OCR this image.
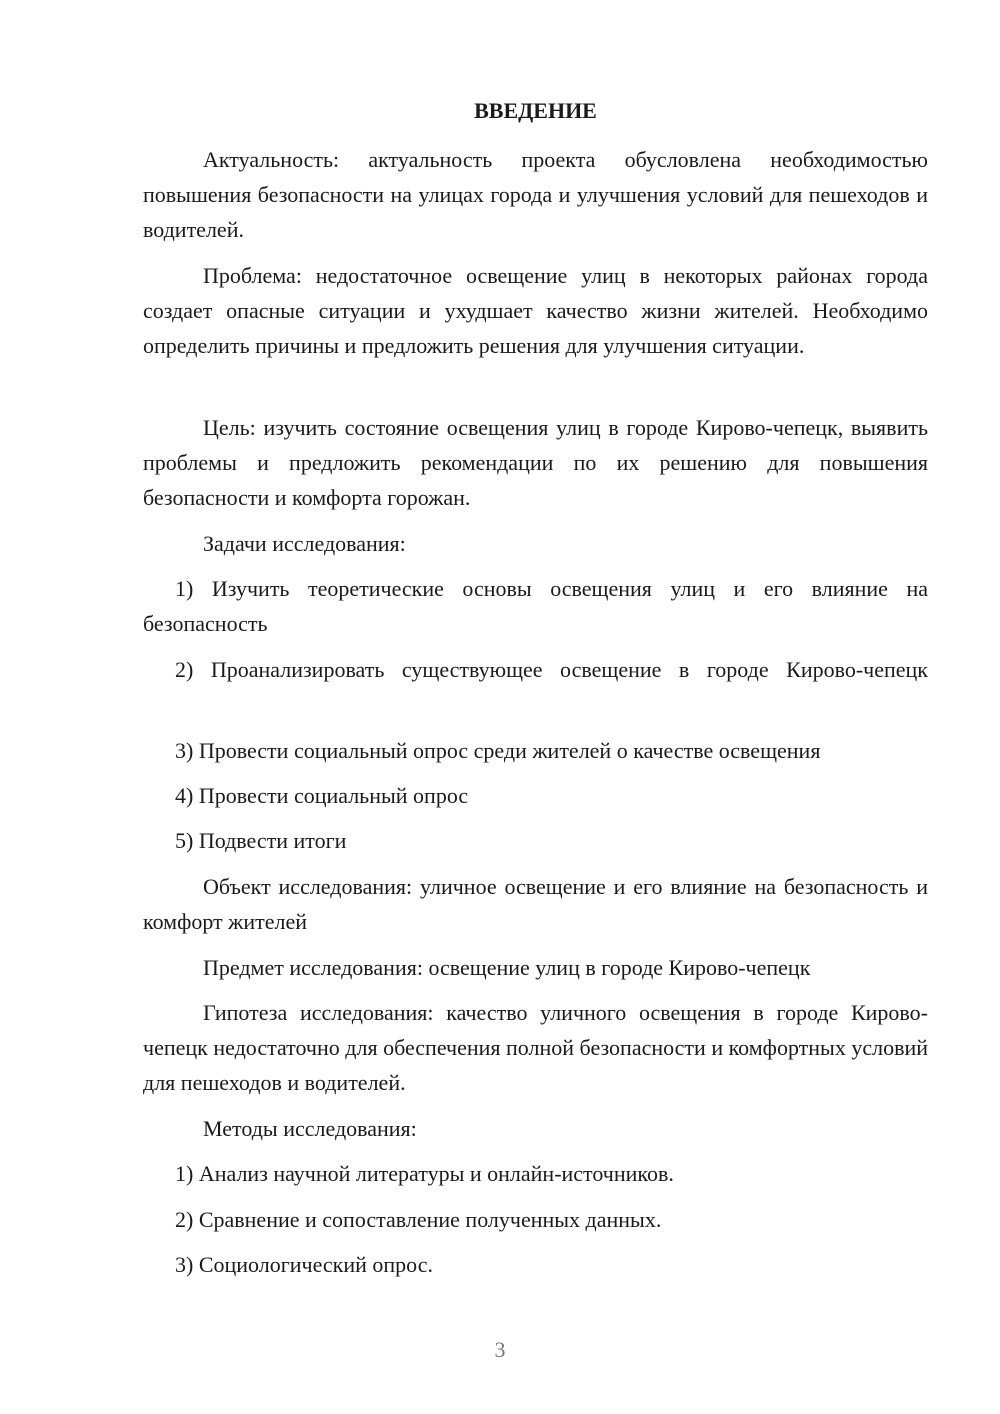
ВВЕДЕНИЕ

Актуальность: актуальность проекта обусловлена необходимостью повышения безопасности на улицах города и улучшения условий для пешеходов и водителей.

Проблема: недостаточное освещение улиц в некоторых районах города создает опасные ситуации и ухудшает качество жизни жителей. Необходимо определить причины и предложить решения для улучшения ситуации.

Цель: изучить состояние освещения улиц в городе Кирово-чепецк, выявить проблемы и предложить рекомендации по их решению для повышения безопасности и комфорта горожан.

Задачи исследования:

1) Изучить теоретические основы освещения улиц и его влияние на безопасность

2) Проанализировать существующее освещение в городе Кирово-чепецк

3) Провести социальный опрос среди жителей о качестве освещения

4) Провести социальный опрос

5) Подвести итоги

Объект исследования: уличное освещение и его влияние на безопасность и комфорт жителей

Предмет исследования: освещение улиц в городе Кирово-чепецк

Гипотеза исследования: качество уличного освещения в городе Кирово-чепецк недостаточно для обеспечения полной безопасности и комфортных условий для пешеходов и водителей.

Методы исследования:

1) Анализ научной литературы и онлайн-источников.

2) Сравнение и сопоставление полученных данных.

3) Социологический опрос.

3
